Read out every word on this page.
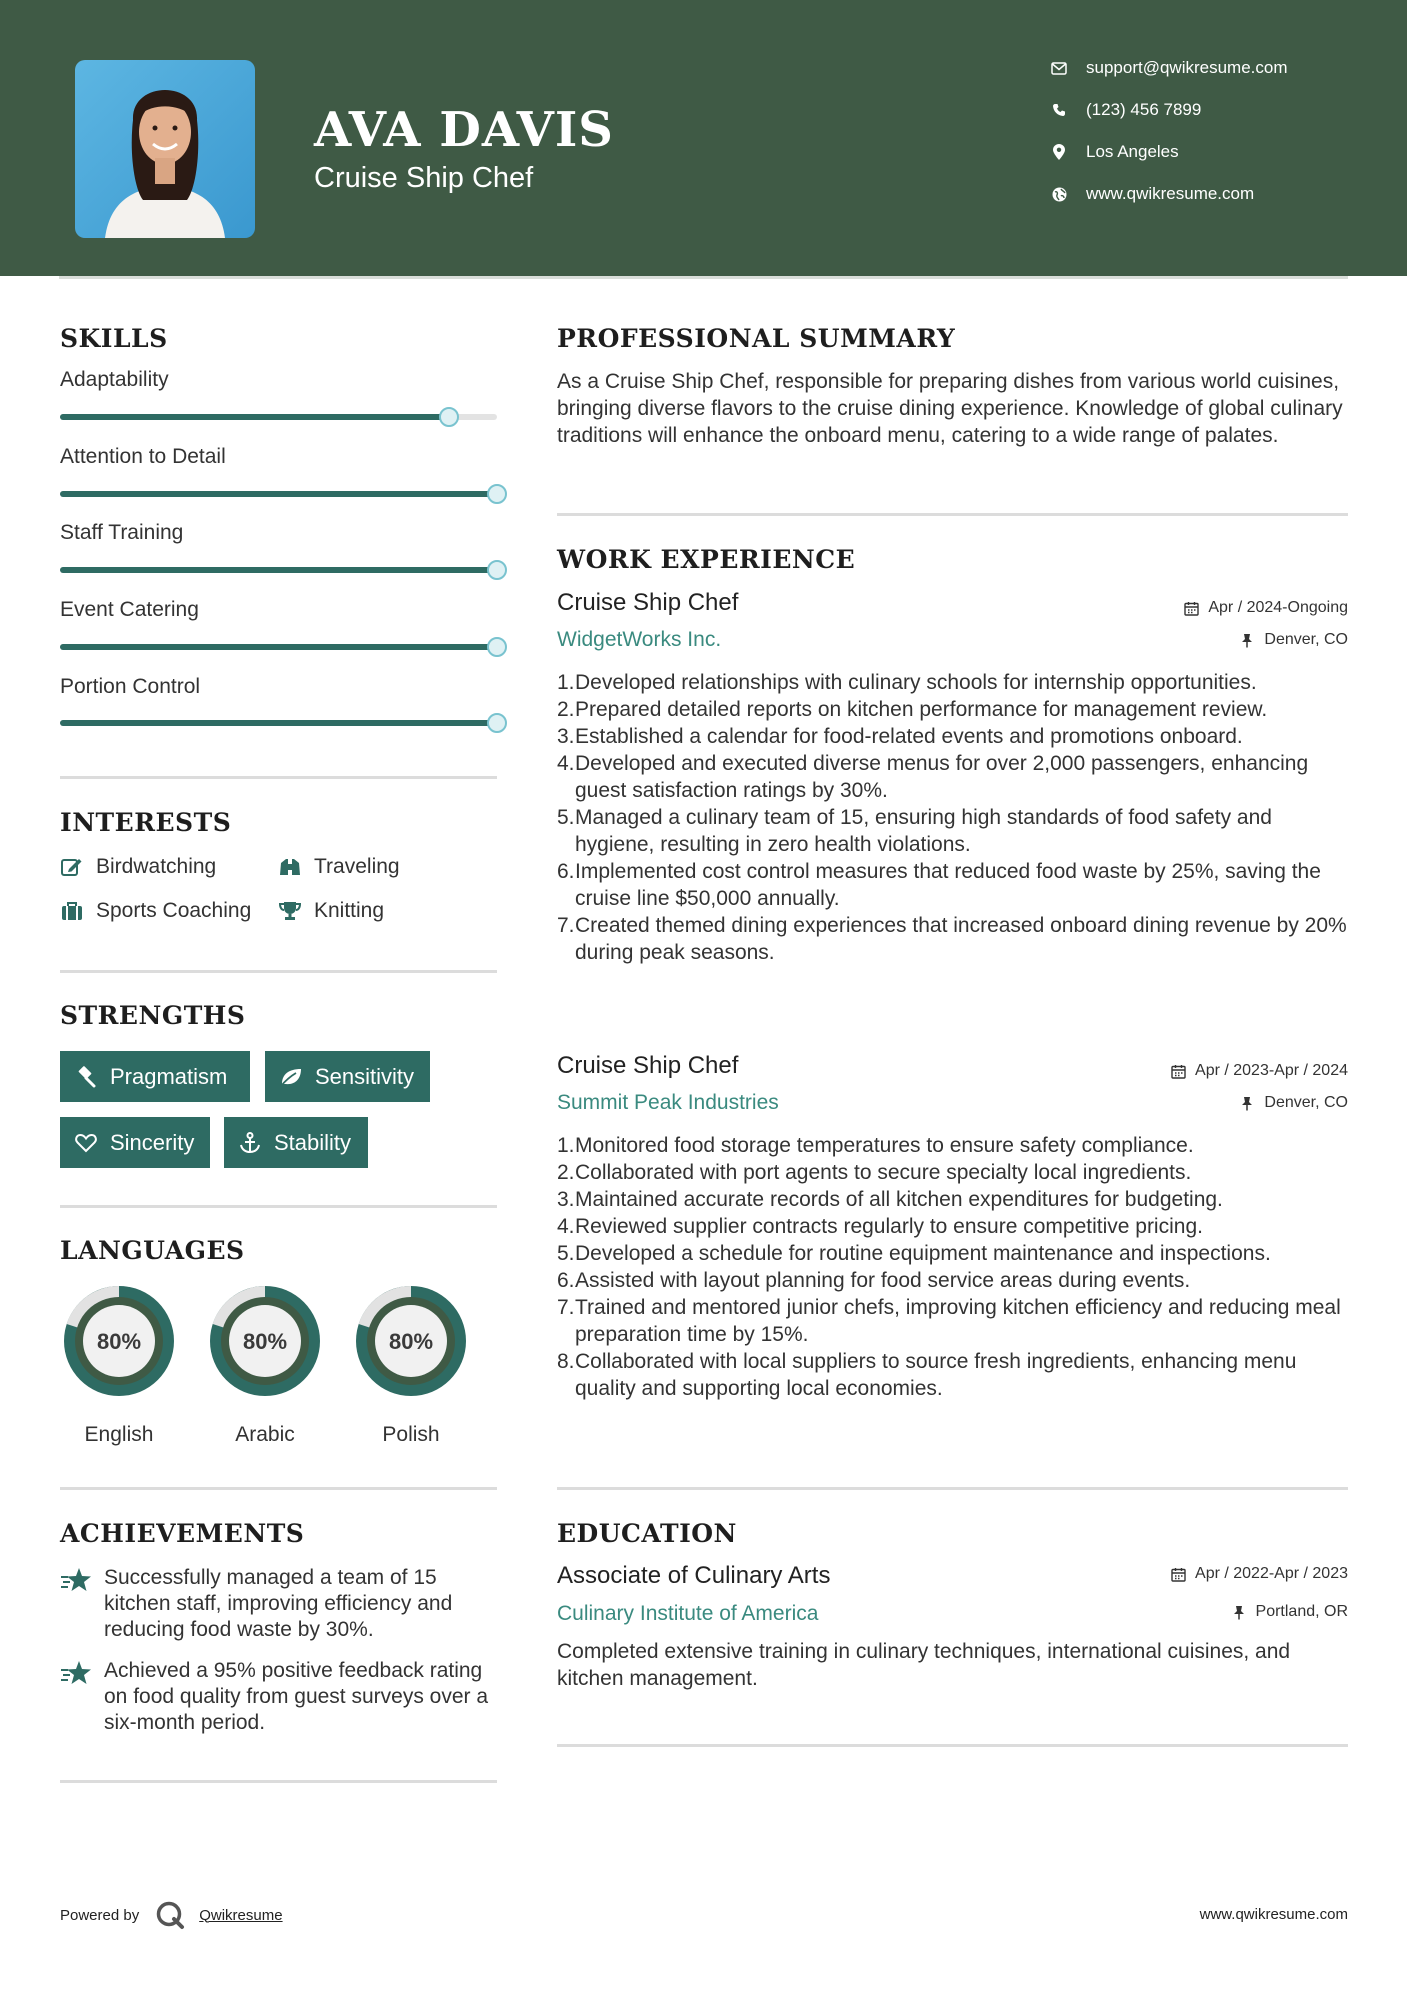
AVA DAVIS
Cruise Ship Chef
support@qwikresume.com
(123) 456 7899
Los Angeles
www.qwikresume.com
SKILLS
Adaptability
Attention to Detail
Staff Training
Event Catering
Portion Control
INTERESTS
Birdwatching	Traveling
Sports Coaching	Knitting
STRENGTHS
Pragmatism	Sensitivity
Sincerity	Stability
LANGUAGES
80%
English
80%
Arabic
80%
Polish
ACHIEVEMENTS
Successfully managed a team of 15 kitchen staff, improving efficiency and reducing food waste by 30%.
Achieved a 95% positive feedback rating on food quality from guest surveys over a six-month period.
PROFESSIONAL SUMMARY
As a Cruise Ship Chef, responsible for preparing dishes from various world cuisines, bringing diverse flavors to the cruise dining experience. Knowledge of global culinary traditions will enhance the onboard menu, catering to a wide range of palates.
WORK EXPERIENCE
Cruise Ship Chef	Apr / 2024-Ongoing
WidgetWorks Inc.	Denver, CO
1. Developed relationships with culinary schools for internship opportunities.
2. Prepared detailed reports on kitchen performance for management review.
3. Established a calendar for food-related events and promotions onboard.
4. Developed and executed diverse menus for over 2,000 passengers, enhancing guest satisfaction ratings by 30%.
5. Managed a culinary team of 15, ensuring high standards of food safety and hygiene, resulting in zero health violations.
6. Implemented cost control measures that reduced food waste by 25%, saving the cruise line $50,000 annually.
7. Created themed dining experiences that increased onboard dining revenue by 20% during peak seasons.
Cruise Ship Chef	Apr / 2023-Apr / 2024
Summit Peak Industries	Denver, CO
1. Monitored food storage temperatures to ensure safety compliance.
2. Collaborated with port agents to secure specialty local ingredients.
3. Maintained accurate records of all kitchen expenditures for budgeting.
4. Reviewed supplier contracts regularly to ensure competitive pricing.
5. Developed a schedule for routine equipment maintenance and inspections.
6. Assisted with layout planning for food service areas during events.
7. Trained and mentored junior chefs, improving kitchen efficiency and reducing meal preparation time by 15%.
8. Collaborated with local suppliers to source fresh ingredients, enhancing menu quality and supporting local economies.
EDUCATION
Associate of Culinary Arts	Apr / 2022-Apr / 2023
Culinary Institute of America	Portland, OR
Completed extensive training in culinary techniques, international cuisines, and kitchen management.
Powered by	Qwikresume	www.qwikresume.com
